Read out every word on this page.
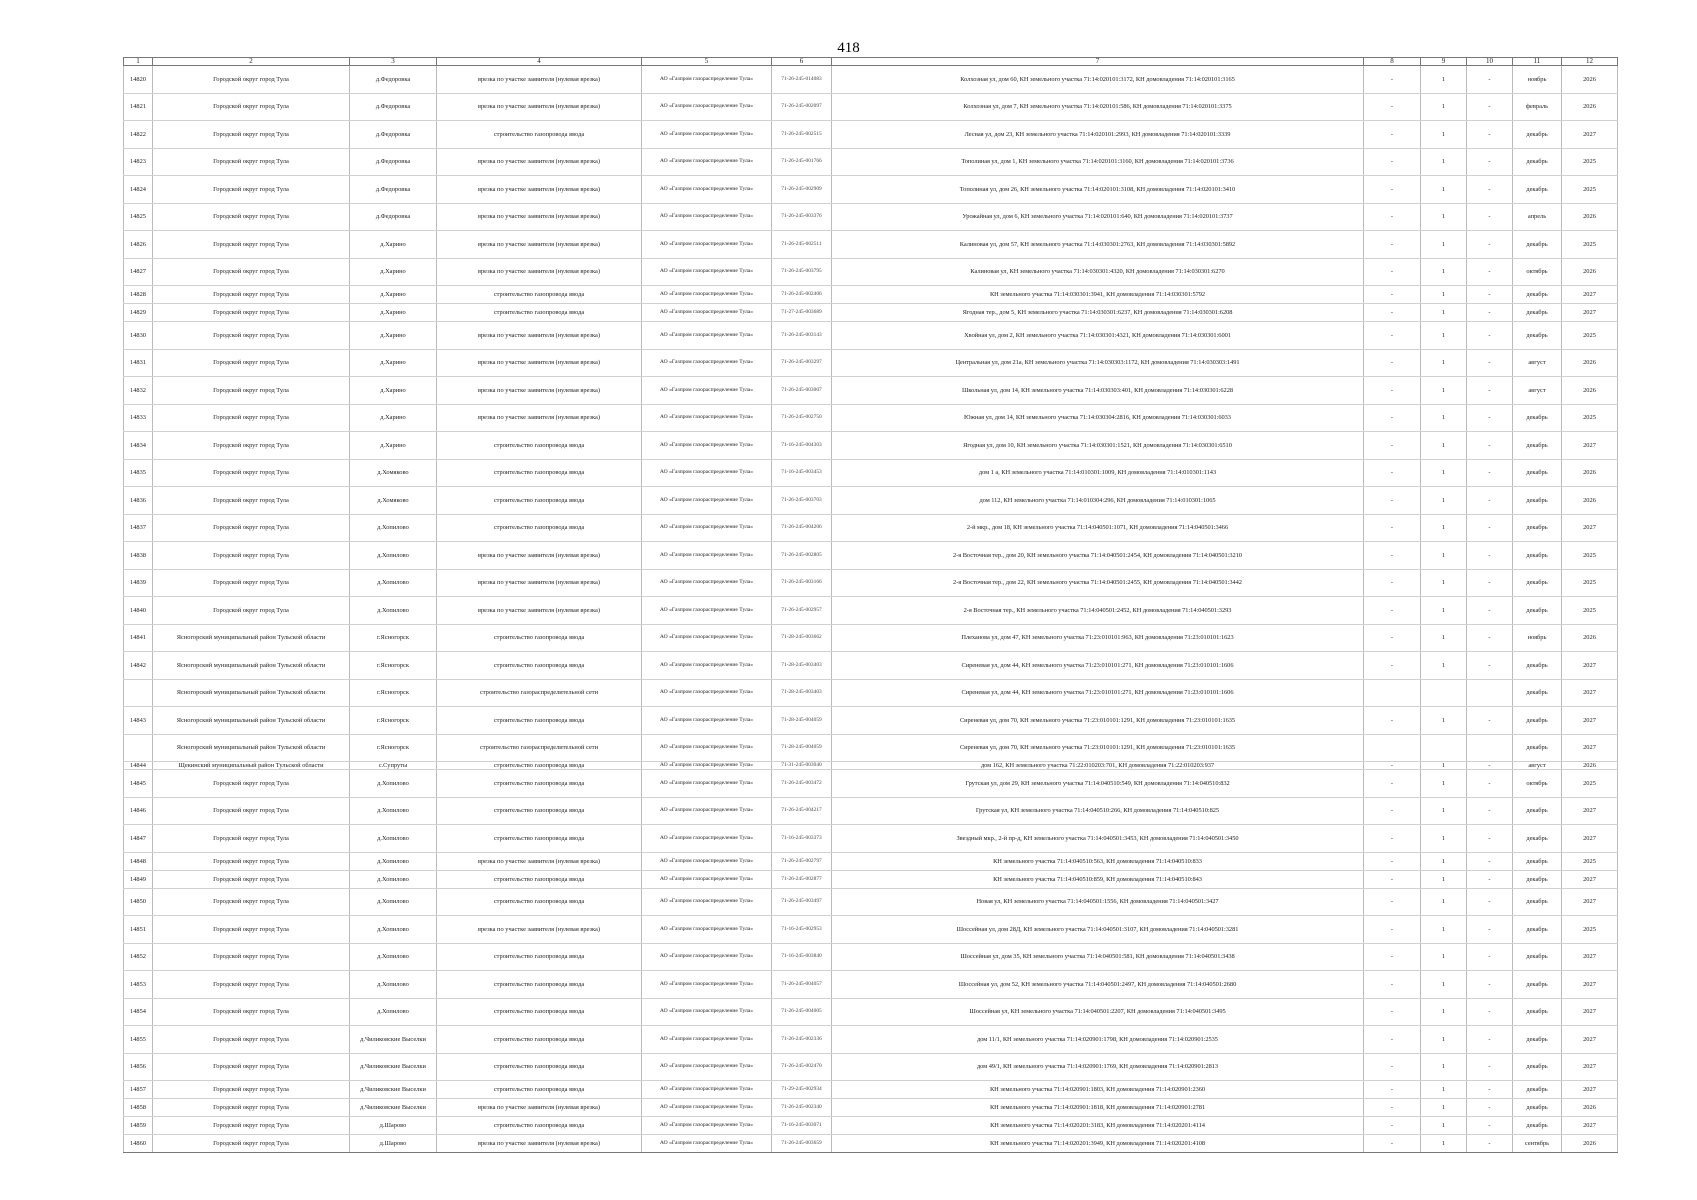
418
1	2	3	4	5	6	7	8	9	10	11	12
14820	Городской округ город Тула	д.Федоровка	врезка по участке заявителя (нулевая врезка)	АО «Газпром газораспределение Тула»	71-26-245-014083	Колхозная ул, дом 60, КН земельного участка 71:14:020101:3172, КН домовладения 71:14:020101:3165	-	1	-	ноябрь	2026
14821	Городской округ город Тула	д.Федоровка	врезка по участке заявителя (нулевая врезка)	АО «Газпром газораспределение Тула»	71-26-245-002097	Колхозная ул, дом 7, КН земельного участка 71:14:020101:586, КН домовладения 71:14:020101:3375	-	1	-	февраль	2026
14822	Городской округ город Тула	д.Федоровка	строительство газопровода ввода	АО «Газпром газораспределение Тула»	71-26-245-002515	Лесная ул, дом 23, КН земельного участка 71:14:020101:2993, КН домовладения 71:14:020101:3339	-	1	-	декабрь	2027
14823	Городской округ город Тула	д.Федоровка	врезка по участке заявителя (нулевая врезка)	АО «Газпром газораспределение Тула»	71-26-245-001766	Тополиная ул, дом 1, КН земельного участка 71:14:020101:3160, КН домовладения 71:14:020101:3736	-	1	-	декабрь	2025
14824	Городской округ город Тула	д.Федоровка	врезка по участке заявителя (нулевая врезка)	АО «Газпром газораспределение Тула»	71-26-245-002909	Тополиная ул, дом 26, КН земельного участка 71:14:020101:3108, КН домовладения 71:14:020101:3410	-	1	-	декабрь	2025
14825	Городской округ город Тула	д.Федоровка	врезка по участке заявителя (нулевая врезка)	АО «Газпром газораспределение Тула»	71-26-245-003376	Урожайная ул, дом 6, КН земельного участка 71:14:020101:640, КН домовладения 71:14:020101:3737	-	1	-	апрель	2026
14826	Городской округ город Тула	д.Харино	врезка по участке заявителя (нулевая врезка)	АО «Газпром газораспределение Тула»	71-26-245-002511	Калиновая ул, дом 57, КН земельного участка 71:14:030301:2763, КН домовладения 71:14:030301:5892	-	1	-	декабрь	2025
14827	Городской округ город Тула	д.Харино	врезка по участке заявителя (нулевая врезка)	АО «Газпром газораспределение Тула»	71-26-245-003795	Калиновая ул, КН земельного участка 71:14:030301:4320, КН домовладения 71:14:030301:6270	-	1	-	октябрь	2026
14828	Городской округ город Тула	д.Харино	строительство газопровода ввода	АО «Газпром газораспределение Тула»	71-26-245-002406	КН земельного участка 71:14:030301:3941, КН домовладения 71:14:030301:5792	-	1	-	декабрь	2027
14829	Городской округ город Тула	д.Харино	строительство газопровода ввода	АО «Газпром газораспределение Тула»	71-27-245-003689	Ягодная тер., дом 5, КН земельного участка 71:14:030301:6237, КН домовладения 71:14:030301:6208	-	1	-	декабрь	2027
14830	Городской округ город Тула	д.Харино	врезка по участке заявителя (нулевая врезка)	АО «Газпром газораспределение Тула»	71-26-245-003143	Хвойная ул, дом 2, КН земельного участка 71:14:030301:4321, КН домовладения 71:14:030301:6001	-	1	-	декабрь	2025
14831	Городской округ город Тула	д.Харино	врезка по участке заявителя (нулевая врезка)	АО «Газпром газораспределение Тула»	71-26-245-003297	Центральная ул, дом 21а, КН земельного участка 71:14:030303:1172, КН домовладения 71:14:030303:1491	-	1	-	август	2026
14832	Городской округ город Тула	д.Харино	врезка по участке заявителя (нулевая врезка)	АО «Газпром газораспределение Тула»	71-26-245-003007	Школьная ул, дом 14, КН земельного участка 71:14:030303:401, КН домовладения 71:14:030301:6228	-	1	-	август	2026
14833	Городской округ город Тула	д.Харино	врезка по участке заявителя (нулевая врезка)	АО «Газпром газораспределение Тула»	71-26-245-002750	Южная ул, дом 14, КН земельного участка 71:14:030304:2816, КН домовладения 71:14:030301:6033	-	1	-	декабрь	2025
14834	Городской округ город Тула	д.Харино	строительство газопровода ввода	АО «Газпром газораспределение Тула»	71-16-245-004303	Ягодная ул, дом 10, КН земельного участка 71:14:030301:1521, КН домовладения 71:14:030301:6510	-	1	-	декабрь	2027
14835	Городской округ город Тула	д.Хомяково	строительство газопровода ввода	АО «Газпром газораспределение Тула»	71-16-245-003453	дом 1 а, КН земельного участка 71:14:010301:1009, КН домовладения 71:14:010301:1143	-	1	-	декабрь	2026
14836	Городской округ город Тула	д.Хомяково	строительство газопровода ввода	АО «Газпром газораспределение Тула»	71-26-245-003703	дом 112, КН земельного участка 71:14:010304:296, КН домовладения 71:14:010301:1065	-	1	-	декабрь	2026
14837	Городской округ город Тула	д.Хопилово	строительство газопровода ввода	АО «Газпром газораспределение Тула»	71-26-245-004206	2-й мкр., дом 18, КН земельного участка 71:14:040501:1071, КН домовладения 71:14:040501:3466	-	1	-	декабрь	2027
14838	Городской округ город Тула	д.Хопилово	врезка по участке заявителя (нулевая врезка)	АО «Газпром газораспределение Тула»	71-26-245-002805	2-я Восточная тер., дом 20, КН земельного участка 71:14:040501:2454, КН домовладения 71:14:040501:3210	-	1	-	декабрь	2025
14839	Городской округ город Тула	д.Хопилово	врезка по участке заявителя (нулевая врезка)	АО «Газпром газораспределение Тула»	71-26-245-003166	2-я Восточная тер., дом 22, КН земельного участка 71:14:040501:2455, КН домовладения 71:14:040501:3442	-	1	-	декабрь	2025
14840	Городской округ город Тула	д.Хопилово	врезка по участке заявителя (нулевая врезка)	АО «Газпром газораспределение Тула»	71-26-245-002957	2-я Восточная тер., КН земельного участка 71:14:040501:2452, КН домовладения 71:14:040501:3293	-	1	-	декабрь	2025
14841	Ясногорский муниципальный район Тульской области	г.Ясногорск	строительство газопровода ввода	АО «Газпром газораспределение Тула»	71-28-245-003662	Плеханова ул, дом 47, КН земельного участка 71:23:010101:963, КН домовладения 71:23:010101:1623	-	1	-	ноябрь	2026
14842	Ясногорский муниципальный район Тульской области	г.Ясногорск	строительство газопровода ввода	АО «Газпром газораспределение Тула»	71-28-245-003403	Сиреневая ул, дом 44, КН земельного участка 71:23:010101:271, КН домовладения 71:23:010101:1606	-	1	-	декабрь	2027
	Ясногорский муниципальный район Тульской области	г.Ясногорск	строительство газораспределительной сети	АО «Газпром газораспределение Тула»	71-28-245-003403	Сиреневая ул, дом 44, КН земельного участка 71:23:010101:271, КН домовладения 71:23:010101:1606				декабрь	2027
14843	Ясногорский муниципальный район Тульской области	г.Ясногорск	строительство газопровода ввода	АО «Газпром газораспределение Тула»	71-28-245-004059	Сиреневая ул, дом 70, КН земельного участка 71:23:010101:1291, КН домовладения 71:23:010101:1635	-	1	-	декабрь	2027
	Ясногорский муниципальный район Тульской области	г.Ясногорск	строительство газораспределительной сети	АО «Газпром газораспределение Тула»	71-28-245-004059	Сиреневая ул, дом 70, КН земельного участка 71:23:010101:1291, КН домовладения 71:23:010101:1635				декабрь	2027
14844	Щекинский муниципальный район Тульской области	с.Супруты	строительство газопровода ввода	АО «Газпром газораспределение Тула»	71-31-245-003040	дом 162, КН земельного участка 71:22:010203:701, КН домовладения 71:22:010203:937	-	1	-	август	2026
14845	Городской округ город Тула	д.Хопилово	строительство газопровода ввода	АО «Газпром газораспределение Тула»	71-26-245-003472	Грутская ул, дом 29, КН земельного участка 71:14:040510:549, КН домовладения 71:14:040510:832	-	1	-	октябрь	2025
14846	Городской округ город Тула	д.Хопилово	строительство газопровода ввода	АО «Газпром газораспределение Тула»	71-26-245-004217	Грутская ул, КН земельного участка 71:14:040510:266, КН домовладения 71:14:040510:825	-	1	-	декабрь	2027
14847	Городской округ город Тула	д.Хопилово	строительство газопровода ввода	АО «Газпром газораспределение Тула»	71-16-245-003373	Звездный мкр., 2-й пр-д, КН земельного участка 71:14:040501:3453, КН домовладения 71:14:040501:3450	-	1	-	декабрь	2027
14848	Городской округ город Тула	д.Хопилово	врезка по участке заявителя (нулевая врезка)	АО «Газпром газораспределение Тула»	71-26-245-002797	КН земельного участка 71:14:040510:563, КН домовладения 71:14:040510:833	-	1	-	декабрь	2025
14849	Городской округ город Тула	д.Хопилово	строительство газопровода ввода	АО «Газпром газораспределение Тула»	71-26-245-002877	КН земельного участка 71:14:040510:859, КН домовладения 71:14:040510:843	-	1	-	декабрь	2027
14850	Городской округ город Тула	д.Хопилово	строительство газопровода ввода	АО «Газпром газораспределение Тула»	71-26-245-003497	Новая ул, КН земельного участка 71:14:040501:1556, КН домовладения 71:14:040501:3427	-	1	-	декабрь	2027
14851	Городской округ город Тула	д.Хопилово	врезка по участке заявителя (нулевая врезка)	АО «Газпром газораспределение Тула»	71-16-245-002953	Шоссейная ул, дом 28Д, КН земельного участка 71:14:040501:3107, КН домовладения 71:14:040501:3281	-	1	-	декабрь	2025
14852	Городской округ город Тула	д.Хопилово	строительство газопровода ввода	АО «Газпром газораспределение Тула»	71-16-245-003840	Шоссейная ул, дом 35, КН земельного участка 71:14:040501:581, КН домовладения 71:14:040501:3438	-	1	-	декабрь	2027
14853	Городской округ город Тула	д.Хопилово	строительство газопровода ввода	АО «Газпром газораспределение Тула»	71-26-245-004057	Шоссейная ул, дом 52, КН земельного участка 71:14:040501:2497, КН домовладения 71:14:040501:2680	-	1	-	декабрь	2027
14854	Городской округ город Тула	д.Хопилово	строительство газопровода ввода	АО «Газпром газораспределение Тула»	71-26-245-004005	Шоссейная ул, КН земельного участка 71:14:040501:2207, КН домовладения 71:14:040501:3495	-	1	-	декабрь	2027
14855	Городской округ город Тула	д.Чиликовские Выселки	строительство газопровода ввода	АО «Газпром газораспределение Тула»	71-26-245-002336	дом 11/1, КН земельного участка 71:14:020901:1798, КН домовладения 71:14:020901:2535	-	1	-	декабрь	2027
14856	Городской округ город Тула	д.Чиликовские Выселки	строительство газопровода ввода	АО «Газпром газораспределение Тула»	71-26-245-002470	дом 49/1, КН земельного участка 71:14:020901:1769, КН домовладения 71:14:020901:2813	-	1	-	декабрь	2027
14857	Городской округ город Тула	д.Чиликовские Выселки	строительство газопровода ввода	АО «Газпром газораспределение Тула»	71-29-245-002934	КН земельного участка 71:14:020901:1803, КН домовладения 71:14:020901:2360	-	1	-	декабрь	2027
14858	Городской округ город Тула	д.Чиликовские Выселки	врезка по участке заявителя (нулевая врезка)	АО «Газпром газораспределение Тула»	71-26-245-002340	КН земельного участка 71:14:020901:1818, КН домовладения 71:14:020901:2781	-	1	-	декабрь	2026
14859	Городской округ город Тула	д.Шарово	строительство газопровода ввода	АО «Газпром газораспределение Тула»	71-16-245-003071	КН земельного участка 71:14:020201:3183, КН домовладения 71:14:020201:4114	-	1	-	декабрь	2027
14860	Городской округ город Тула	д.Шарово	врезка по участке заявителя (нулевая врезка)	АО «Газпром газораспределение Тула»	71-26-245-003659	КН земельного участка 71:14:020201:3949, КН домовладения 71:14:020201:4108	-	1	-	сентябрь	2026
